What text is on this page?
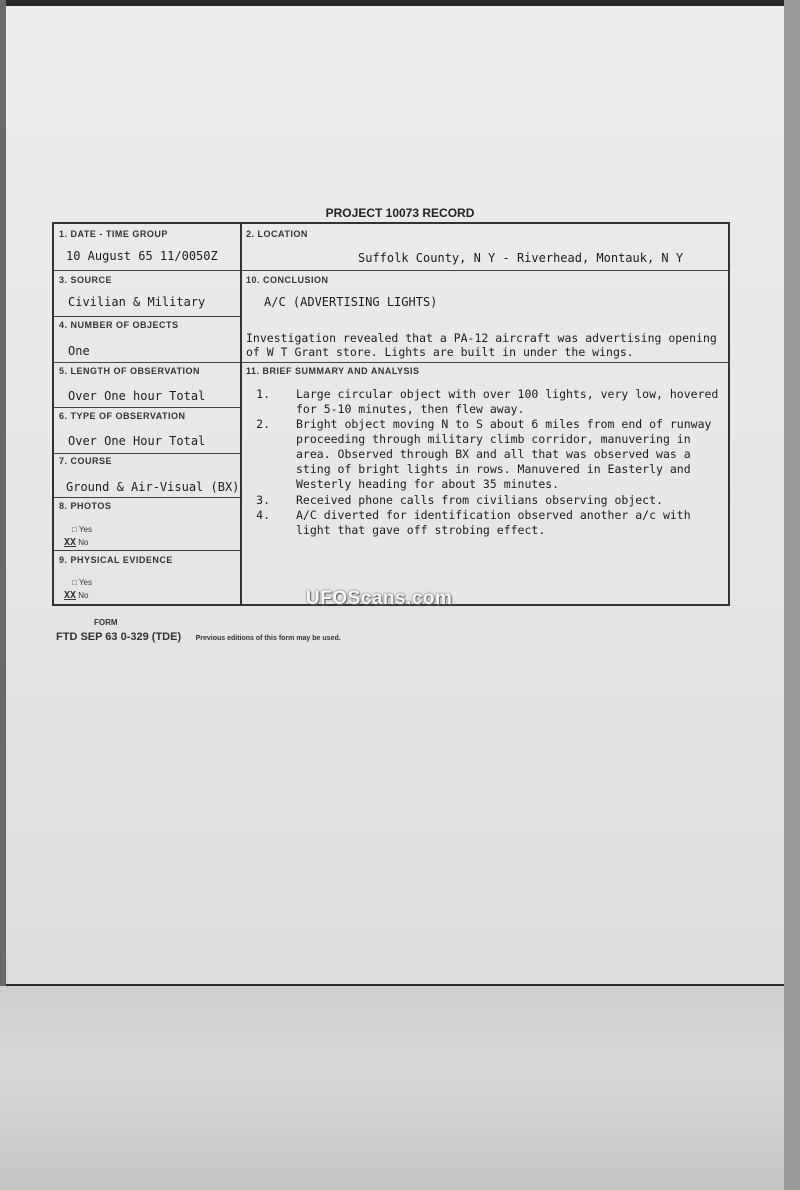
PROJECT 10073 RECORD
1. DATE - TIME GROUP
10 August 65 11/0050Z
2. LOCATION
Suffolk County, N Y - Riverhead, Montauk, N Y
3. SOURCE
Civilian & Military
4. NUMBER OF OBJECTS
One
5. LENGTH OF OBSERVATION
Over One hour Total
6. TYPE OF OBSERVATION
Over One Hour Total
7. COURSE
Ground & Air-Visual (BX)
8. PHOTOS
□ Yes
XX No
9. PHYSICAL EVIDENCE
□ Yes
XX No
10. CONCLUSION
A/C (ADVERTISING LIGHTS)
Investigation revealed that a PA-12 aircraft was advertising opening
of W T Grant store. Lights are built in under the wings.
11. BRIEF SUMMARY AND ANALYSIS
1. Large circular object with over 100 lights, very low, hovered
for 5-10 minutes, then flew away.
2. Bright object moving N to S about 6 miles from end of runway
proceeding through military climb corridor, manuvering in
area. Observed through BX and all that was observed was a
sting of bright lights in rows. Manuvered in Easterly and
Westerly heading for about 35 minutes.
3. Received phone calls from civilians observing object.
4. A/C diverted for identification observed another a/c with
light that gave off strobing effect.
UFOScans.com
FORM
FTD SEP 63 0-329 (TDE) Previous editions of this form may be used.
